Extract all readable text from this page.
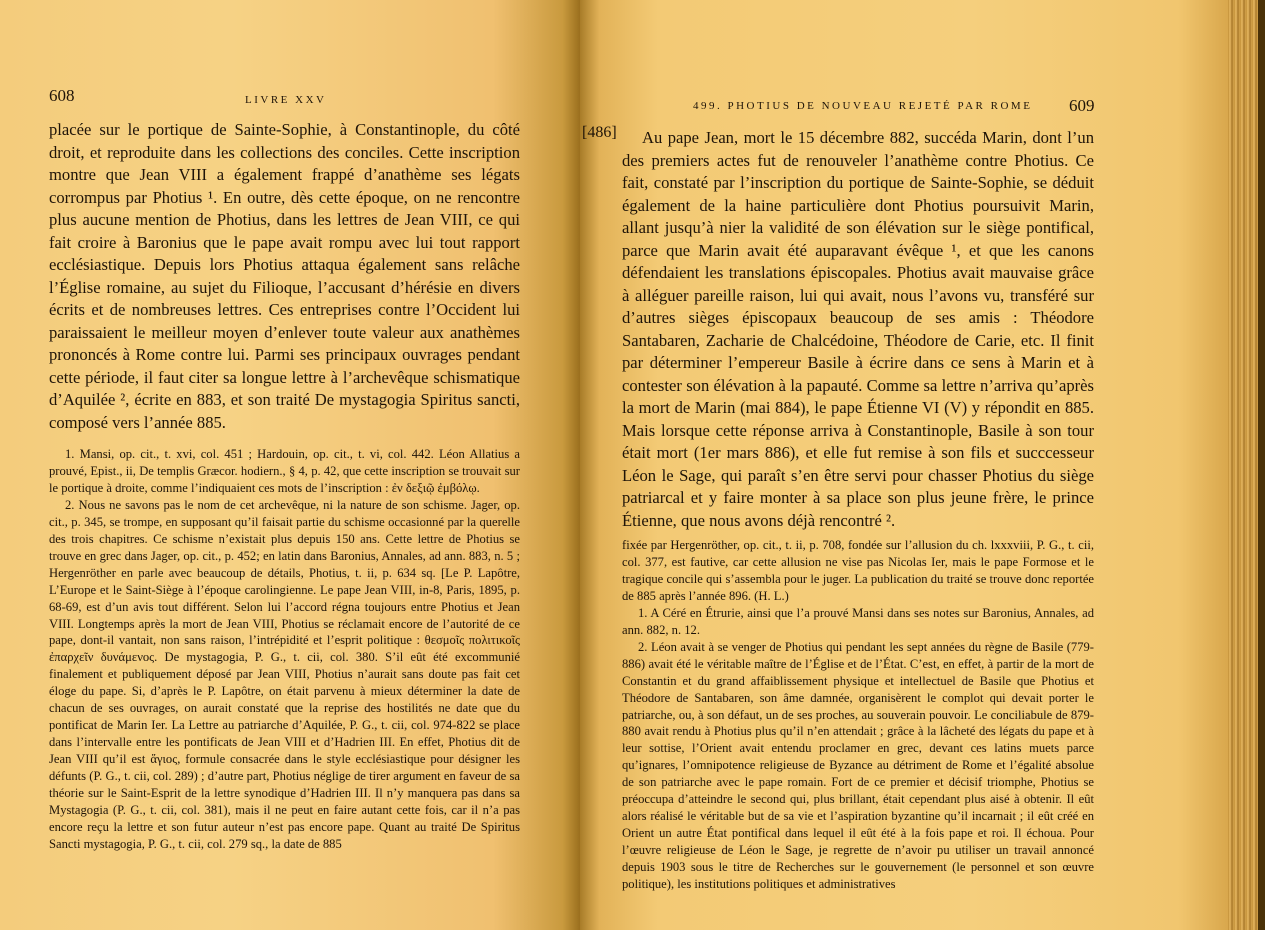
608	LIVRE XXV

placée sur le portique de Sainte-Sophie, à Constantinople, du côté droit, et reproduite dans les collections des conciles. Cette inscription montre que Jean VIII a également frappé d’anathème ses légats corrompus par Photius ¹. En outre, dès cette époque, on ne rencontre plus aucune mention de Photius, dans les lettres de Jean VIII, ce qui fait croire à Baronius que le pape avait rompu avec lui tout rapport ecclésiastique. Depuis lors Photius attaqua également sans relâche l’Église romaine, au sujet du Filioque, l’accusant d’hérésie en divers écrits et de nombreuses lettres. Ces entreprises contre l’Occident lui paraissaient le meilleur moyen d’enlever toute valeur aux anathèmes prononcés à Rome contre lui. Parmi ses principaux ouvrages pendant cette période, il faut citer sa longue lettre à l’archevêque schismatique d’Aquilée ², écrite en 883, et son traité De mystagogia Spiritus sancti, composé vers l’année 885.

1. Mansi, op. cit., t. xvi, col. 451 ; Hardouin, op. cit., t. vi, col. 442. Léon Allatius a prouvé, Epist., ii, De templis Græcor. hodiern., § 4, p. 42, que cette inscription se trouvait sur le portique à droite, comme l’indiquaient ces mots de l’inscription : ἐν δεξιῷ ἐμβόλῳ.

2. Nous ne savons pas le nom de cet archevêque, ni la nature de son schisme. Jager, op. cit., p. 345, se trompe, en supposant qu’il faisait partie du schisme occasionné par la querelle des trois chapitres. Ce schisme n’existait plus depuis 150 ans. Cette lettre de Photius se trouve en grec dans Jager, op. cit., p. 452; en latin dans Baronius, Annales, ad ann. 883, n. 5 ; Hergenröther en parle avec beaucoup de détails, Photius, t. ii, p. 634 sq. [Le P. Lapôtre, L’Europe et le Saint-Siège à l’époque carolingienne. Le pape Jean VIII, in-8, Paris, 1895, p. 68-69, est d’un avis tout différent. Selon lui l’accord régna toujours entre Photius et Jean VIII. Longtemps après la mort de Jean VIII, Photius se réclamait encore de l’autorité de ce pape, dont-il vantait, non sans raison, l’intrépidité et l’esprit politique : θεσμοῖς πολιτικοῖς ἐπαρχεῖν δυνάμενος. De mystagogia, P. G., t. cii, col. 380. S’il eût été excommunié finalement et publiquement déposé par Jean VIII, Photius n’aurait sans doute pas fait cet éloge du pape. Si, d’après le P. Lapôtre, on était parvenu à mieux déterminer la date de chacun de ses ouvrages, on aurait constaté que la reprise des hostilités ne date que du pontificat de Marin Ier. La Lettre au patriarche d’Aquilée, P. G., t. cii, col. 974-822 se place dans l’intervalle entre les pontificats de Jean VIII et d’Hadrien III. En effet, Photius dit de Jean VIII qu’il est ἅγιος, formule consacrée dans le style ecclésiastique pour désigner les défunts (P. G., t. cii, col. 289) ; d’autre part, Photius néglige de tirer argument en faveur de sa théorie sur le Saint-Esprit de la lettre synodique d’Hadrien III. Il n’y manquera pas dans sa Mystagogia (P. G., t. cii, col. 381), mais il ne peut en faire autant cette fois, car il n’a pas encore reçu la lettre et son futur auteur n’est pas encore pape. Quant au traité De Spiritus Sancti mystagogia, P. G., t. cii, col. 279 sq., la date de 885

499. PHOTIUS DE NOUVEAU REJETÉ PAR ROME 609
[486]	Au pape Jean, mort le 15 décembre 882, succéda Marin, dont l’un des premiers actes fut de renouveler l’anathème contre Photius. Ce fait, constaté par l’inscription du portique de Sainte-Sophie, se déduit également de la haine particulière dont Photius poursuivit Marin, allant jusqu’à nier la validité de son élévation sur le siège pontifical, parce que Marin avait été auparavant évêque ¹, et que les canons défendaient les translations épiscopales. Photius avait mauvaise grâce à alléguer pareille raison, lui qui avait, nous l’avons vu, transféré sur d’autres sièges épiscopaux beaucoup de ses amis : Théodore Santabaren, Zacharie de Chalcédoine, Théodore de Carie, etc. Il finit par déterminer l’empereur Basile à écrire dans ce sens à Marin et à contester son élévation à la papauté. Comme sa lettre n’arriva qu’après la mort de Marin (mai 884), le pape Étienne VI (V) y répondit en 885. Mais lorsque cette réponse arriva à Constantinople, Basile à son tour était mort (1er mars 886), et elle fut remise à son fils et succcesseur Léon le Sage, qui paraît s’en être servi pour chasser Photius du siège patriarcal et y faire monter à sa place son plus jeune frère, le prince Étienne, que nous avons déjà rencontré ².

fixée par Hergenröther, op. cit., t. ii, p. 708, fondée sur l’allusion du ch. lxxxviii, P. G., t. cii, col. 377, est fautive, car cette allusion ne vise pas Nicolas Ier, mais le pape Formose et le tragique concile qui s’assembla pour le juger. La publication du traité se trouve donc reportée de 885 après l’année 896. (H. L.)

1. A Céré en Étrurie, ainsi que l’a prouvé Mansi dans ses notes sur Baronius, Annales, ad ann. 882, n. 12.

2. Léon avait à se venger de Photius qui pendant les sept années du règne de Basile (779-886) avait été le véritable maître de l’Église et de l’État. C’est, en effet, à partir de la mort de Constantin et du grand affaiblissement physique et intellectuel de Basile que Photius et Théodore de Santabaren, son âme damnée, organisèrent le complot qui devait porter le patriarche, ou, à son défaut, un de ses proches, au souverain pouvoir. Le conciliabule de 879-880 avait rendu à Photius plus qu’il n’en attendait ; grâce à la lâcheté des légats du pape et à leur sottise, l’Orient avait entendu proclamer en grec, devant ces latins muets parce qu’ignares, l’omnipotence religieuse de Byzance au détriment de Rome et l’égalité absolue de son patriarche avec le pape romain. Fort de ce premier et décisif triomphe, Photius se préoccupa d’atteindre le second qui, plus brillant, était cependant plus aisé à obtenir. Il eût alors réalisé le véritable but de sa vie et l’aspiration byzantine qu’il incarnait ; il eût créé en Orient un autre État pontifical dans lequel il eût été à la fois pape et roi. Il échoua. Pour l’œuvre religieuse de Léon le Sage, je regrette de n’avoir pu utiliser un travail annoncé depuis 1903 sous le titre de Recherches sur le gouvernement (le personnel et son œuvre politique), les institutions politiques et administratives
